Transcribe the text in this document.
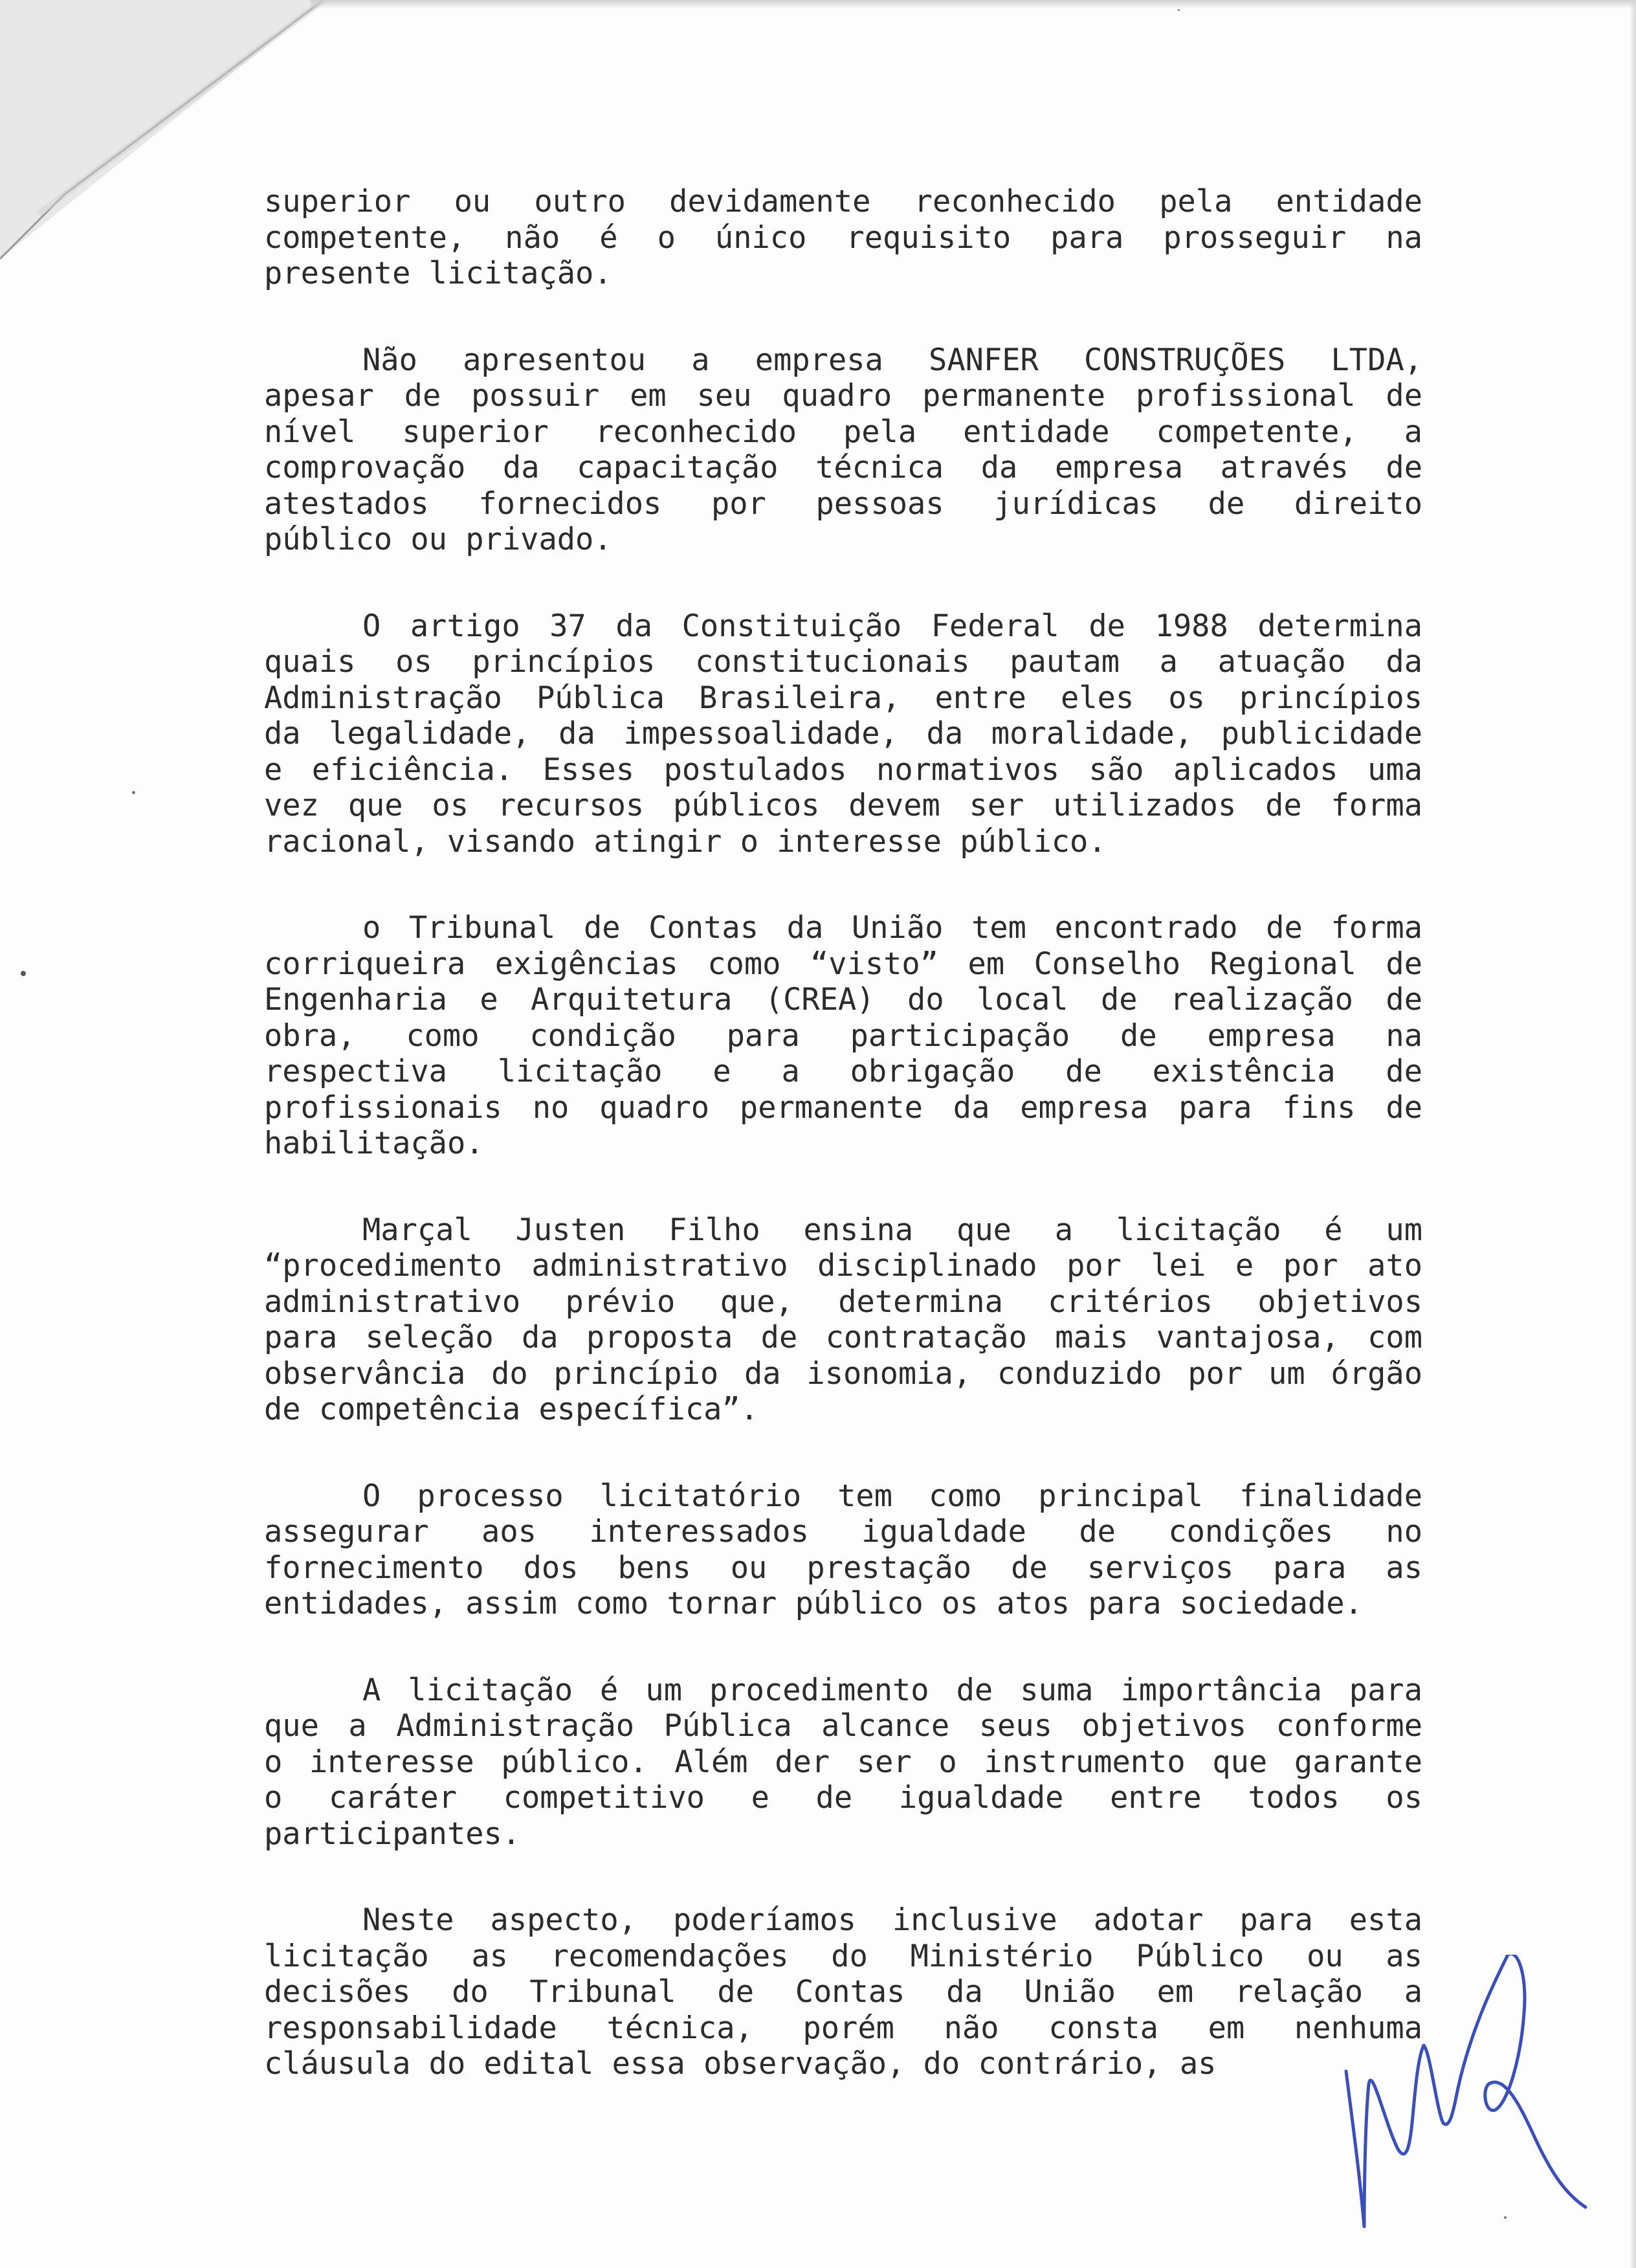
superior ou outro devidamente reconhecido pela entidade
competente, não é o único requisito para prosseguir na
presente licitação.
Não apresentou a empresa SANFER CONSTRUÇÕES LTDA,
apesar de possuir em seu quadro permanente profissional de
nível superior reconhecido pela entidade competente, a
comprovação da capacitação técnica da empresa através de
atestados fornecidos por pessoas jurídicas de direito
público ou privado.
O artigo 37 da Constituição Federal de 1988 determina
quais os princípios constitucionais pautam a atuação da
Administração Pública Brasileira, entre eles os princípios
da legalidade, da impessoalidade, da moralidade, publicidade
e eficiência. Esses postulados normativos são aplicados uma
vez que os recursos públicos devem ser utilizados de forma
racional, visando atingir o interesse público.
o Tribunal de Contas da União tem encontrado de forma
corriqueira exigências como “visto” em Conselho Regional de
Engenharia e Arquitetura (CREA) do local de realização de
obra, como condição para participação de empresa na
respectiva licitação e a obrigação de existência de
profissionais no quadro permanente da empresa para fins de
habilitação.
Marçal Justen Filho ensina que a licitação é um
“procedimento administrativo disciplinado por lei e por ato
administrativo prévio que, determina critérios objetivos
para seleção da proposta de contratação mais vantajosa, com
observância do princípio da isonomia, conduzido por um órgão
de competência específica”.
O processo licitatório tem como principal finalidade
assegurar aos interessados igualdade de condições no
fornecimento dos bens ou prestação de serviços para as
entidades, assim como tornar público os atos para sociedade.
A licitação é um procedimento de suma importância para
que a Administração Pública alcance seus objetivos conforme
o interesse público. Além der ser o instrumento que garante
o caráter competitivo e de igualdade entre todos os
participantes.
Neste aspecto, poderíamos inclusive adotar para esta
licitação as recomendações do Ministério Público ou as
decisões do Tribunal de Contas da União em relação a
responsabilidade técnica, porém não consta em nenhuma
cláusula do edital essa observação, do contrário, as
